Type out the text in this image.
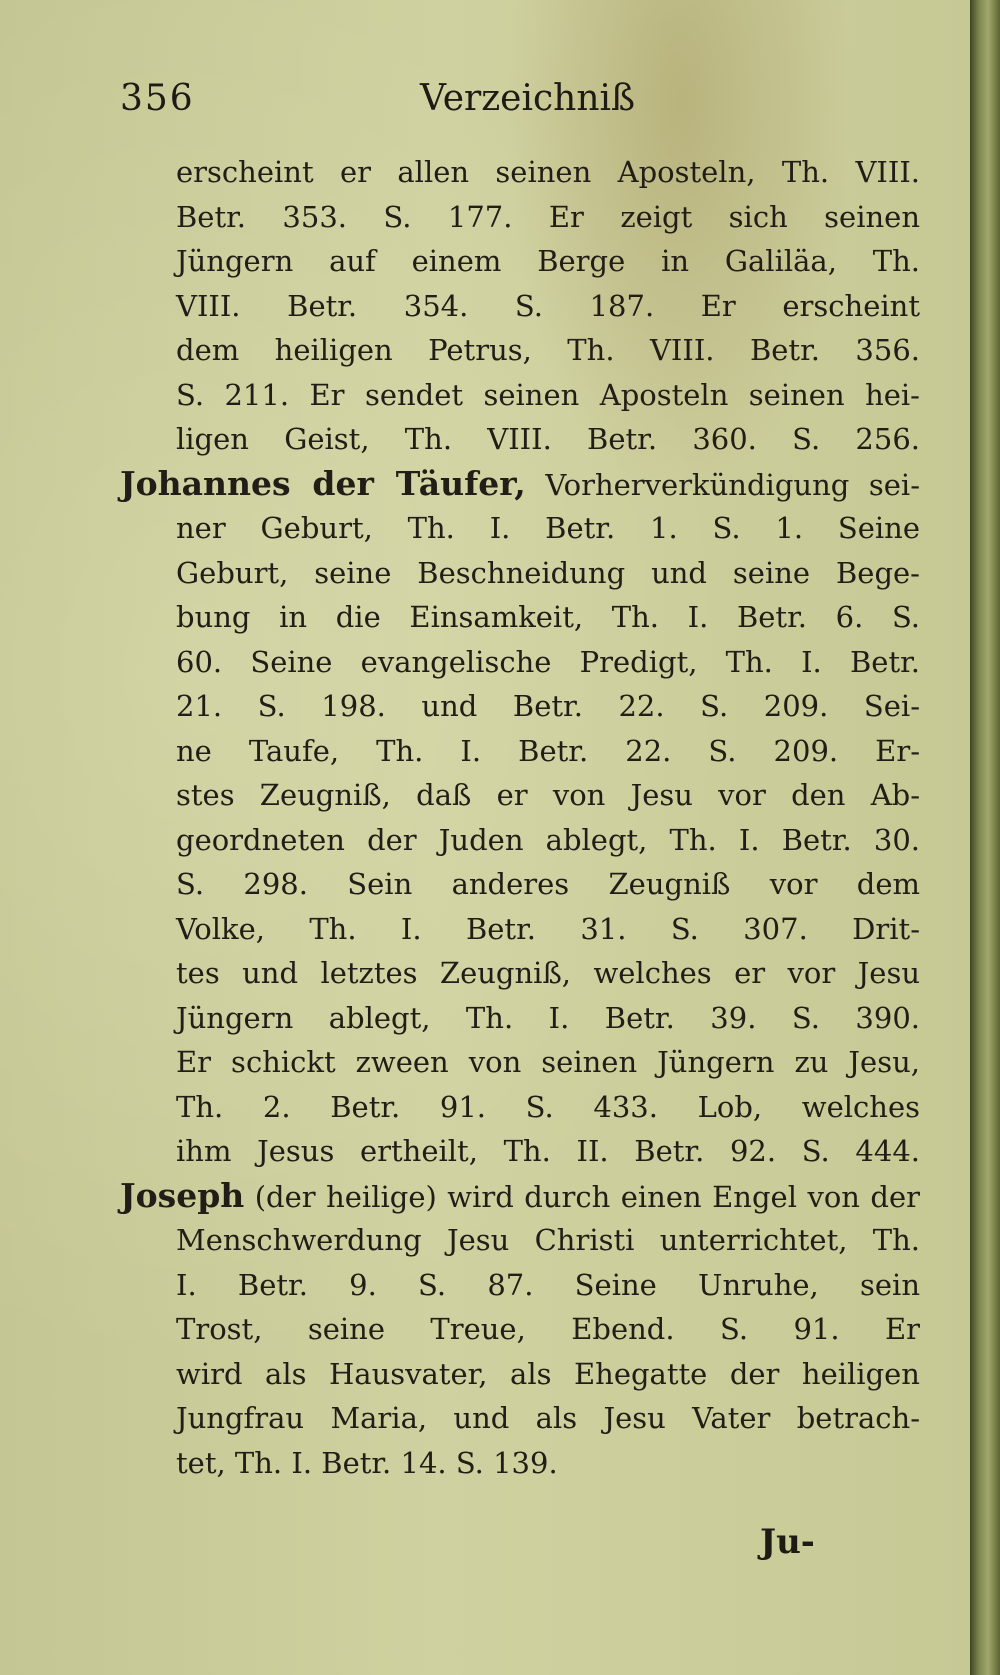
356	Verzeichniß
erscheint er allen seinen Aposteln, Th. VIII.
Betr. 353. S. 177. Er zeigt sich seinen
Jüngern auf einem Berge in Galiläa, Th.
VIII. Betr. 354. S. 187. Er erscheint
dem heiligen Petrus, Th. VIII. Betr. 356.
S. 211. Er sendet seinen Aposteln seinen hei-
ligen Geist, Th. VIII. Betr. 360. S. 256.
Johannes der Täufer, Vorherverkündigung sei-
ner Geburt, Th. I. Betr. 1. S. 1. Seine
Geburt, seine Beschneidung und seine Bege-
bung in die Einsamkeit, Th. I. Betr. 6. S.
60. Seine evangelische Predigt, Th. I. Betr.
21. S. 198. und Betr. 22. S. 209. Sei-
ne Taufe, Th. I. Betr. 22. S. 209. Er-
stes Zeugniß, daß er von Jesu vor den Ab-
geordneten der Juden ablegt, Th. I. Betr. 30.
S. 298. Sein anderes Zeugniß vor dem
Volke, Th. I. Betr. 31. S. 307. Drit-
tes und letztes Zeugniß, welches er vor Jesu
Jüngern ablegt, Th. I. Betr. 39. S. 390.
Er schickt zween von seinen Jüngern zu Jesu,
Th. 2. Betr. 91. S. 433. Lob, welches
ihm Jesus ertheilt, Th. II. Betr. 92. S. 444.
Joseph (der heilige) wird durch einen Engel von der
Menschwerdung Jesu Christi unterrichtet, Th.
I. Betr. 9. S. 87. Seine Unruhe, sein
Trost, seine Treue, Ebend. S. 91. Er
wird als Hausvater, als Ehegatte der heiligen
Jungfrau Maria, und als Jesu Vater betrach-
tet, Th. I. Betr. 14. S. 139.
Ju-
